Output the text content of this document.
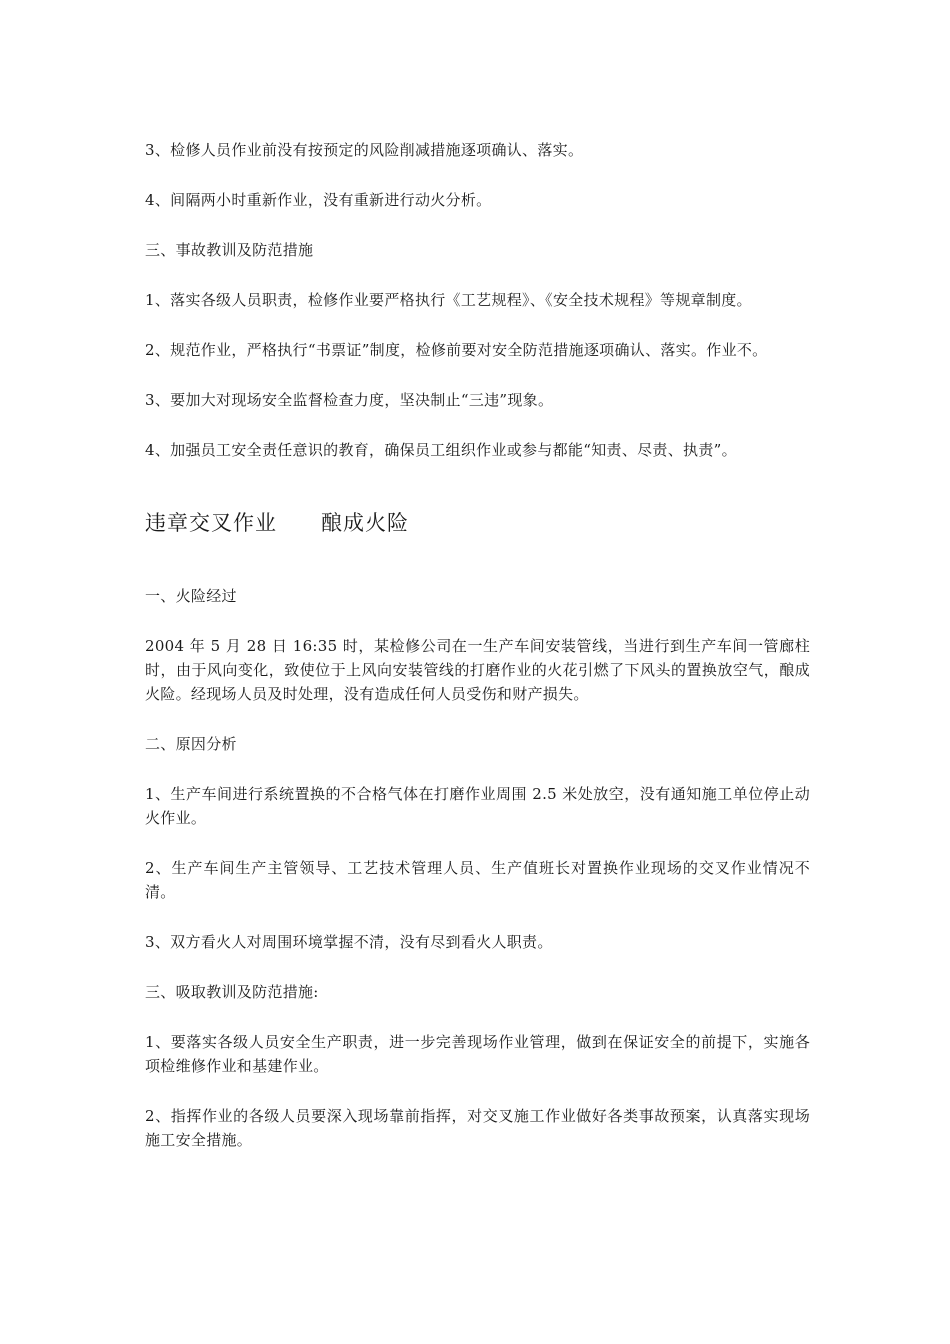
3、检修人员作业前没有按预定的风险削减措施逐项确认、落实。

4、间隔两小时重新作业，没有重新进行动火分析。

三、事故教训及防范措施

1、落实各级人员职责，检修作业要严格执行《工艺规程》、《安全技术规程》等规章制度。

2、规范作业，严格执行“书票证”制度，检修前要对安全防范措施逐项确认、落实。作业不。

3、要加大对现场安全监督检查力度，坚决制止“三违”现象。

4、加强员工安全责任意识的教育，确保员工组织作业或参与都能“知责、尽责、执责”。

违章交叉作业 酿成火险

一、火险经过

2004 年 5 月 28 日 16:35 时，某检修公司在一生产车间安装管线，当进行到生产车间一管廊柱时，由于风向变化，致使位于上风向安装管线的打磨作业的火花引燃了下风头的置换放空气，酿成火险。经现场人员及时处理，没有造成任何人员受伤和财产损失。

二、原因分析

1、生产车间进行系统置换的不合格气体在打磨作业周围 2.5 米处放空，没有通知施工单位停止动火作业。

2、生产车间生产主管领导、工艺技术管理人员、生产值班长对置换作业现场的交叉作业情况不清。

3、双方看火人对周围环境掌握不清，没有尽到看火人职责。

三、吸取教训及防范措施:

1、要落实各级人员安全生产职责，进一步完善现场作业管理，做到在保证安全的前提下，实施各项检维修作业和基建作业。

2、指挥作业的各级人员要深入现场靠前指挥，对交叉施工作业做好各类事故预案，认真落实现场施工安全措施。
